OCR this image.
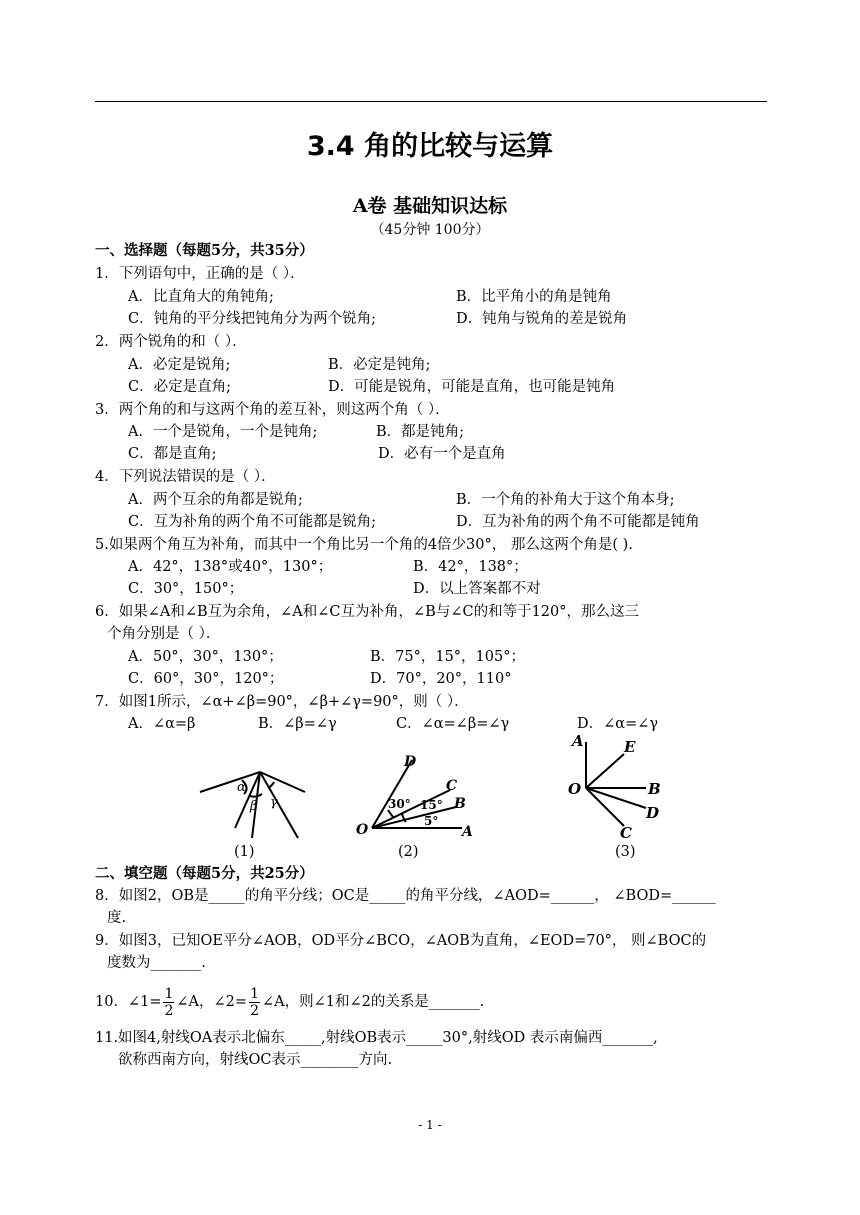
3.4 角的比较与运算
A卷 基础知识达标
（45分钟 100分）
一、选择题（每题5分，共35分）
1．下列语句中，正确的是（ ）．
A．比直角大的角钝角;	B．比平角小的角是钝角
C．钝角的平分线把钝角分为两个锐角;	D．钝角与锐角的差是锐角
2．两个锐角的和（ ）．
A．必定是锐角;	B．必定是钝角;
C．必定是直角;	D．可能是锐角，可能是直角，也可能是钝角
3．两个角的和与这两个角的差互补，则这两个角（ ）．
A．一个是锐角，一个是钝角;	B．都是钝角;
C．都是直角;	D．必有一个是直角
4．下列说法错误的是（ ）．
A．两个互余的角都是锐角;	B．一个角的补角大于这个角本身;
C．互为补角的两个角不可能都是锐角;	D．互为补角的两个角不可能都是钝角
5.如果两个角互为补角，而其中一个角比另一个角的4倍少30°， 那么这两个角是( ).
A．42°，138°或40°，130°；	B．42°，138°；
C．30°，150°；	D．以上答案都不对
6．如果∠A和∠B互为余角，∠A和∠C互为补角，∠B与∠C的和等于120°，那么这三
个角分别是（ ）．
A．50°，30°，130°；	B．75°，15°，105°；
C．60°，30°，120°；	D．70°，20°，110°
7．如图1所示，∠α+∠β=90°，∠β+∠γ=90°，则（ ）．
A．∠α=β	B．∠β=∠γ	C．∠α=∠β=∠γ	D．∠α=∠γ
α
β γ
(1)
D
C
B
O	A
30° 15°
5°
(2)
A	E
O	B
D
C
(3)
二、填空题（每题5分，共25分）
8．如图2，OB是_____的角平分线；OC是_____的角平分线，∠AOD=______， ∠BOD=______
度.
9．如图3，已知OE平分∠AOB，OD平分∠BCO，∠AOB为直角，∠EOD=70°， 则∠BOC的
度数为_______.
10．∠1= $\frac{1}{2}$ ∠A，∠2= $\frac{1}{2}$ ∠A，则∠1和∠2的关系是_______.
11.如图4,射线OA表示北偏东_____,射线OB表示_____30°,射线OD 表示南偏西_______,
欲称西南方向，射线OC表示________方向.
- 1 -
